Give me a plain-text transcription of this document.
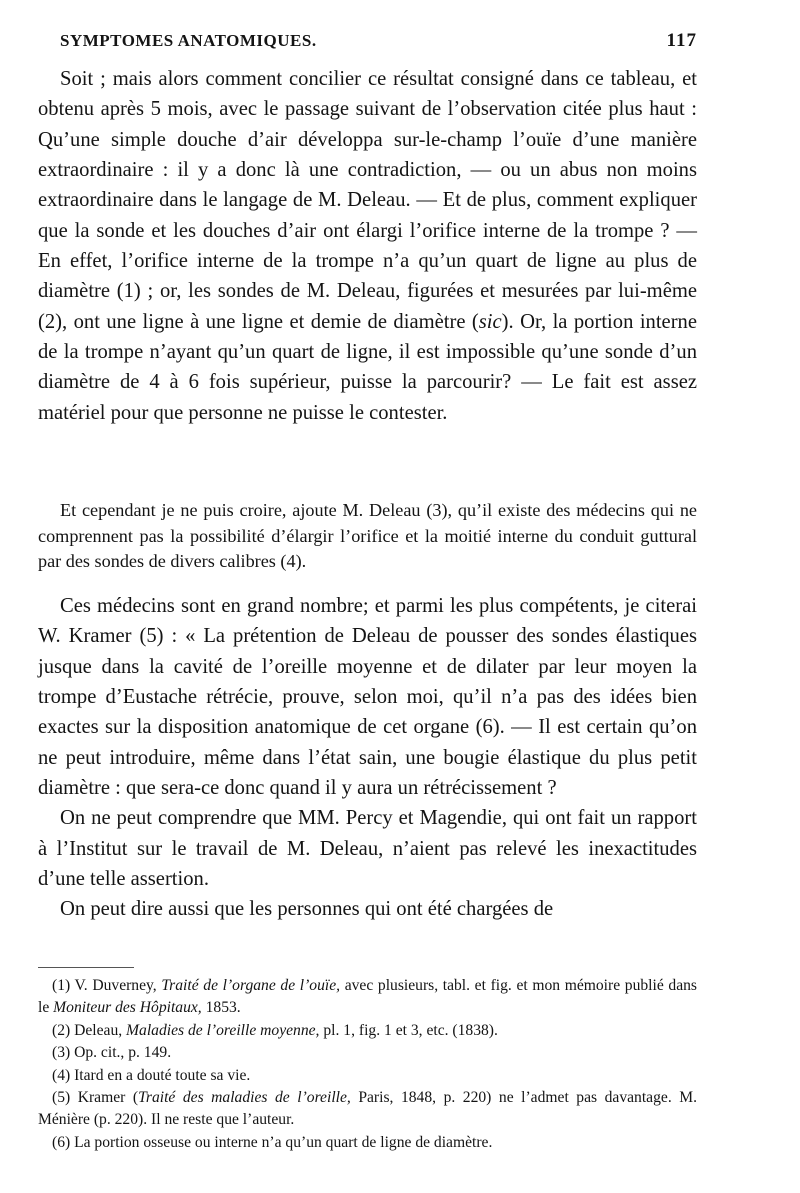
SYMPTOMES ANATOMIQUES.	117

Soit ; mais alors comment concilier ce résultat consigné dans ce tableau, et obtenu après 5 mois, avec le passage suivant de l’observation citée plus haut : Qu’une simple douche d’air développa sur-le-champ l’ouïe d’une manière extraordinaire : il y a donc là une contradiction, — ou un abus non moins extraordinaire dans le langage de M. Deleau. — Et de plus, comment expliquer que la sonde et les douches d’air ont élargi l’orifice interne de la trompe ? — En effet, l’orifice interne de la trompe n’a qu’un quart de ligne au plus de diamètre (1) ; or, les sondes de M. Deleau, figurées et mesurées par lui-même (2), ont une ligne à une ligne et demie de diamètre (sic). Or, la portion interne de la trompe n’ayant qu’un quart de ligne, il est impossible qu’une sonde d’un diamètre de 4 à 6 fois supérieur, puisse la parcourir? — Le fait est assez matériel pour que personne ne puisse le contester.

Et cependant je ne puis croire, ajoute M. Deleau (3), qu’il existe des médecins qui ne comprennent pas la possibilité d’élargir l’orifice et la moitié interne du conduit guttural par des sondes de divers calibres (4).

Ces médecins sont en grand nombre; et parmi les plus compétents, je citerai W. Kramer (5) : « La prétention de Deleau de pousser des sondes élastiques jusque dans la cavité de l’oreille moyenne et de dilater par leur moyen la trompe d’Eustache rétrécie, prouve, selon moi, qu’il n’a pas des idées bien exactes sur la disposition anatomique de cet organe (6). — Il est certain qu’on ne peut introduire, même dans l’état sain, une bougie élastique du plus petit diamètre : que sera-ce donc quand il y aura un rétrécissement ?

On ne peut comprendre que MM. Percy et Magendie, qui ont fait un rapport à l’Institut sur le travail de M. Deleau, n’aient pas relevé les inexactitudes d’une telle assertion.

On peut dire aussi que les personnes qui ont été chargées de

(1) V. Duverney, Traité de l’organe de l’ouïe, avec plusieurs, tabl. et fig. et mon mémoire publié dans le Moniteur des Hôpitaux, 1853.

(2) Deleau, Maladies de l’oreille moyenne, pl. 1, fig. 1 et 3, etc. (1838).

(3) Op. cit., p. 149.

(4) Itard en a douté toute sa vie.

(5) Kramer (Traité des maladies de l’oreille, Paris, 1848, p. 220) ne l’admet pas davantage. M. Ménière (p. 220). Il ne reste que l’auteur.

(6) La portion osseuse ou interne n’a qu’un quart de ligne de diamètre.
